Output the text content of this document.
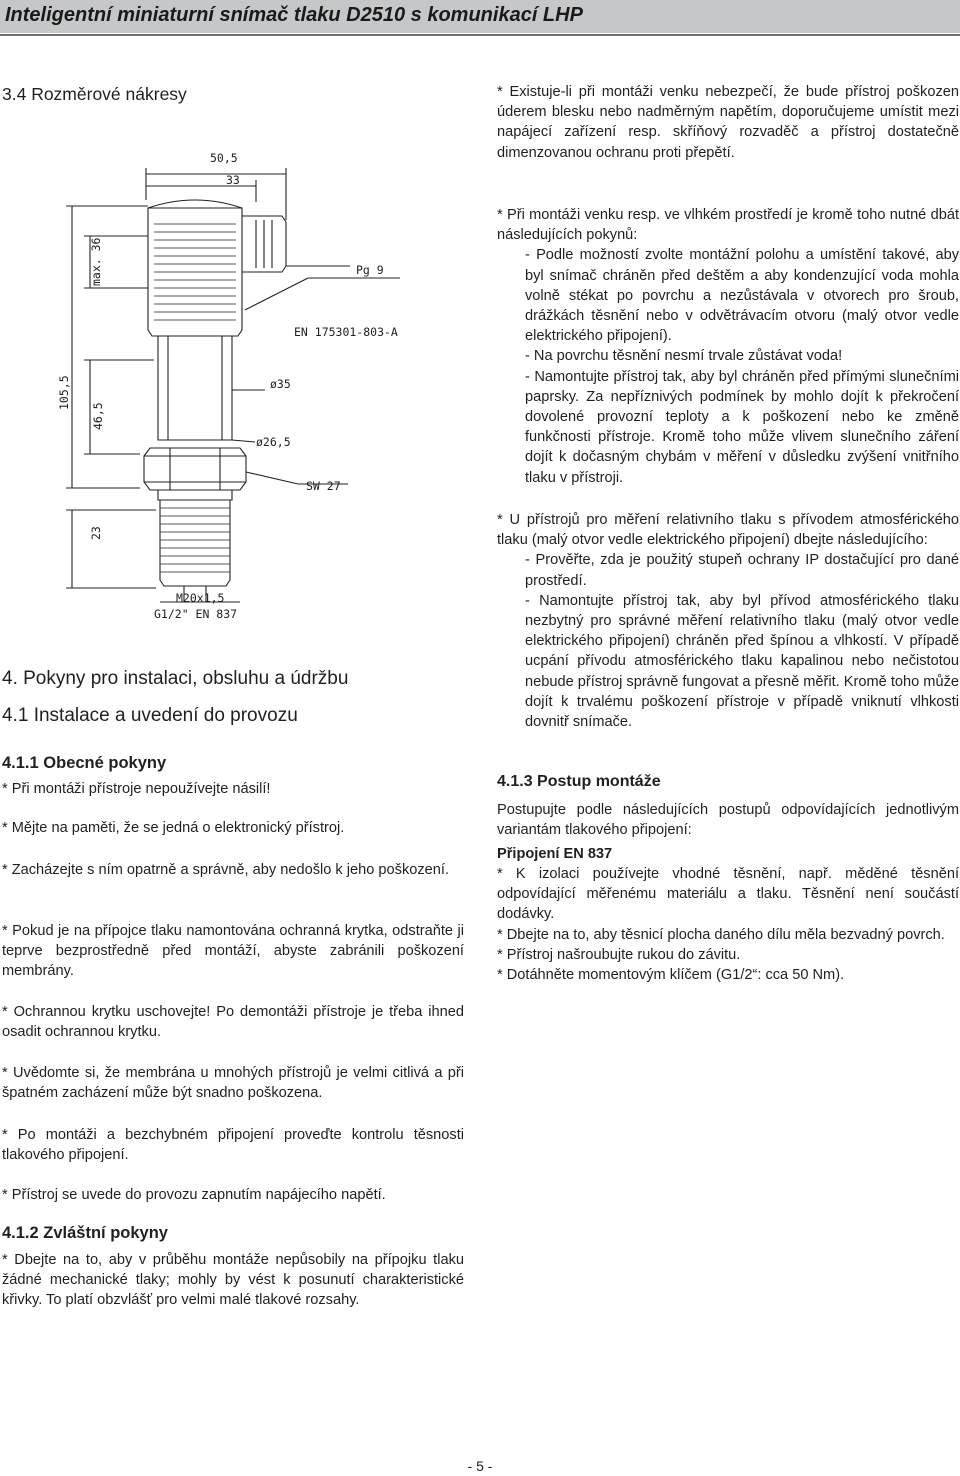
Inteligentní miniaturní snímač tlaku D2510 s komunikací LHP
3.4 Rozměrové nákresy
50,5
33
Pg 9
EN 175301-803-A
ø35
ø26,5
SW 27
max. 36
105,5
46,5
23
M20x1,5
G1/2" EN 837

* Existuje-li při montáži venku nebezpečí, že bude přístroj poškozen úderem blesku nebo nadměrným napětím, doporučujeme umístit mezi napájecí zařízení resp. skříňový rozvaděč a přístroj dostatečně dimenzovanou ochranu proti přepětí.

* Při montáži venku resp. ve vlhkém prostředí je kromě toho nutné dbát následujících pokynů:

- Podle možností zvolte montážní polohu a umístění takové, aby byl snímač chráněn před deštěm a aby kondenzující voda mohla volně stékat po povrchu a nezůstávala v otvorech pro šroub, drážkách těsnění nebo v odvětrávacím otvoru (malý otvor vedle elektrického připojení).

- Na povrchu těsnění nesmí trvale zůstávat voda!

- Namontujte přístroj tak, aby byl chráněn před přímými slunečními paprsky. Za nepříznivých podmínek by mohlo dojít k překročení dovolené provozní teploty a k poškození nebo ke změně funkčnosti přístroje. Kromě toho může vlivem slunečního záření dojít k dočasným chybám v měření v důsledku zvýšení vnitřního tlaku v přístroji.

* U přístrojů pro měření relativního tlaku s přívodem atmosférického tlaku (malý otvor vedle elektrického připojení) dbejte následujícího:

- Prověřte, zda je použitý stupeň ochrany IP dostačující pro dané prostředí.

- Namontujte přístroj tak, aby byl přívod atmosférického tlaku nezbytný pro správné měření relativního tlaku (malý otvor vedle elektrického připojení) chráněn před špínou a vlhkostí. V případě ucpání přívodu atmosférického tlaku kapalinou nebo nečistotou nebude přístroj správně fungovat a přesně měřit. Kromě toho může dojít k trvalému poškození přístroje v případě vniknutí vlhkosti dovnitř snímače.

4.1.3 Postup montáže

Postupujte podle následujících postupů odpovídajících jednotlivým variantám tlakového připojení:

Připojení EN 837

* K izolaci používejte vhodné těsnění, např. měděné těsnění odpovídající měřenému materiálu a tlaku. Těsnění není součástí dodávky.

* Dbejte na to, aby těsnicí plocha daného dílu měla bezvadný povrch.

* Přístroj našroubujte rukou do závitu.

* Dotáhněte momentovým klíčem (G1/2“: cca 50 Nm).

4. Pokyny pro instalaci, obsluhu a údržbu
4.1 Instalace a uvedení do provozu
4.1.1 Obecné pokyny

* Při montáži přístroje nepoužívejte násilí!

* Mějte na paměti, že se jedná o elektronický přístroj.

* Zacházejte s ním opatrně a správně, aby nedošlo k jeho poškození.

* Pokud je na přípojce tlaku namontována ochranná krytka, odstraňte ji teprve bezprostředně před montáží, abyste zabránili poškození membrány.

* Ochrannou krytku uschovejte! Po demontáži přístroje je třeba ihned osadit ochrannou krytku.

* Uvědomte si, že membrána u mnohých přístrojů je velmi citlivá a při špatném zacházení může být snadno poškozena.

* Po montáži a bezchybném připojení proveďte kontrolu těsnosti tlakového připojení.

* Přístroj se uvede do provozu zapnutím napájecího napětí.

4.1.2 Zvláštní pokyny

* Dbejte na to, aby v průběhu montáže nepůsobily na přípojku tlaku žádné mechanické tlaky; mohly by vést k posunutí charakteristické křivky. To platí obzvlášť pro velmi malé tlakové rozsahy.

- 5 -
